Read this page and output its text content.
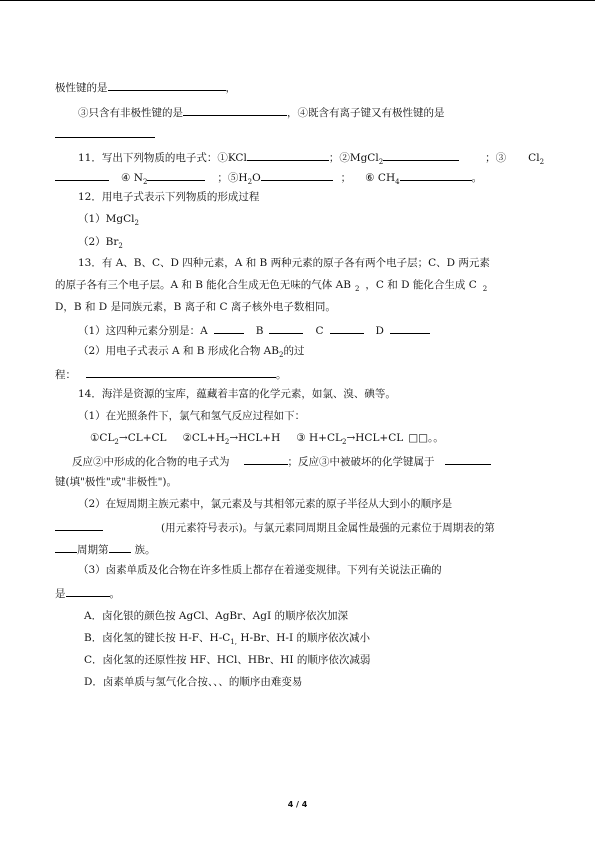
极性键的是	，
③只含有非极性键的是	，④既含有离子键又有极性键的是
11．写出下列物质的电子式：①KCl	；②MgCl$_2$	；③ $Cl_2$
④ $N_2$	；$⑤H_2O$	； ⑥ $CH_4$	。
12．用电子式表示下列物质的形成过程
（1）MgCl$_2$
$(2)Br_2$
13．有 A、B、C、D 四种元素，A 和 B 两种元素的原子各有两个电子层；C、D 两元素
的原子各有三个电子层。A 和 B 能化合生成无色无味的气体 AB $_2$ ，C 和 D 能化合生成 C $_2$
D，B 和 D 是同族元素，B 离子和 C 离子核外电子数相同。
（1）这四种元素分别是：A	B	C	D
（2）用电子式表示 A 和 B 形成化合物 $AB_2$的过
程：	。
14．海洋是资源的宝库，蕴藏着丰富的化学元素，如氯、溴、碘等。
（1）在光照条件下，氯气和氢气反应过程如下：
$①CL_2\to CL+CL$ $②CL+H_2\to HCL+H$ ③ $H+CL_2\to HCL+CL$ □□。。
反应②中形成的化合物的电子式为	；反应③中被破坏的化学键属于
键(填"极性"或"非极性")。
（2）在短周期主族元素中，氯元素及与其相邻元素的原子半径从大到小的顺序是
(用元素符号表示)。与氯元素同周期且金属性最强的元素位于周期表的第
周期第 族。
（3）卤素单质及化合物在许多性质上都存在着递变规律。下列有关说法正确的
是	。
A．卤化银的颜色按 AgCl、AgBr、AgI 的顺序依次加深
B．卤化氢的键长按 H-F、$H-C_{1,}$ H-Br、H-I 的顺序依次减小
C．卤化氢的还原性按 HF、HCl、HBr、HI 的顺序依次减弱
D．卤素单质与氢气化合按、、、的顺序由难变易
4 / 4
